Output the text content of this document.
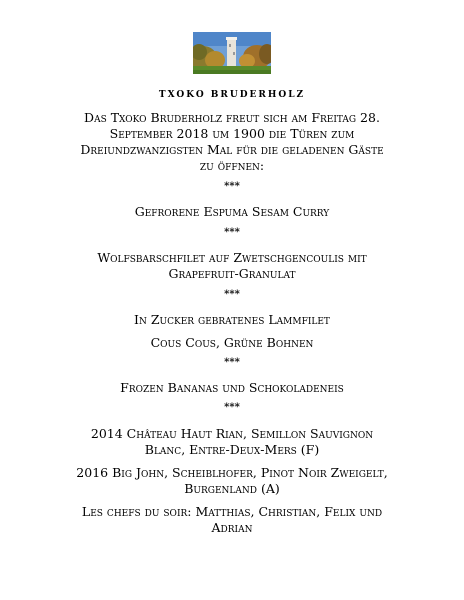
TXOKO BRUDERHOLZ
Das Txoko Bruderholz freut sich am Freitag 28.
September 2018 um 1900 die Türen zum
Dreiundzwanzigsten Mal für die geladenen Gäste
zu öffnen:
***
Gefrorene Espuma Sesam Curry
***
Wolfsbarschfilet auf Zwetschgencoulis mit
Grapefruit-Granulat
***
In Zucker gebratenes Lammfilet
Cous Cous, Grüne Bohnen
***
Frozen Bananas und Schokoladeneis
***
2014 Château Haut Rian, Semillon Sauvignon
Blanc, Entre-Deux-Mers (F)
2016 Big John, Scheiblhofer, Pinot Noir Zweigelt,
Burgenland (A)
Les chefs du soir: Matthias, Christian, Felix und
Adrian
